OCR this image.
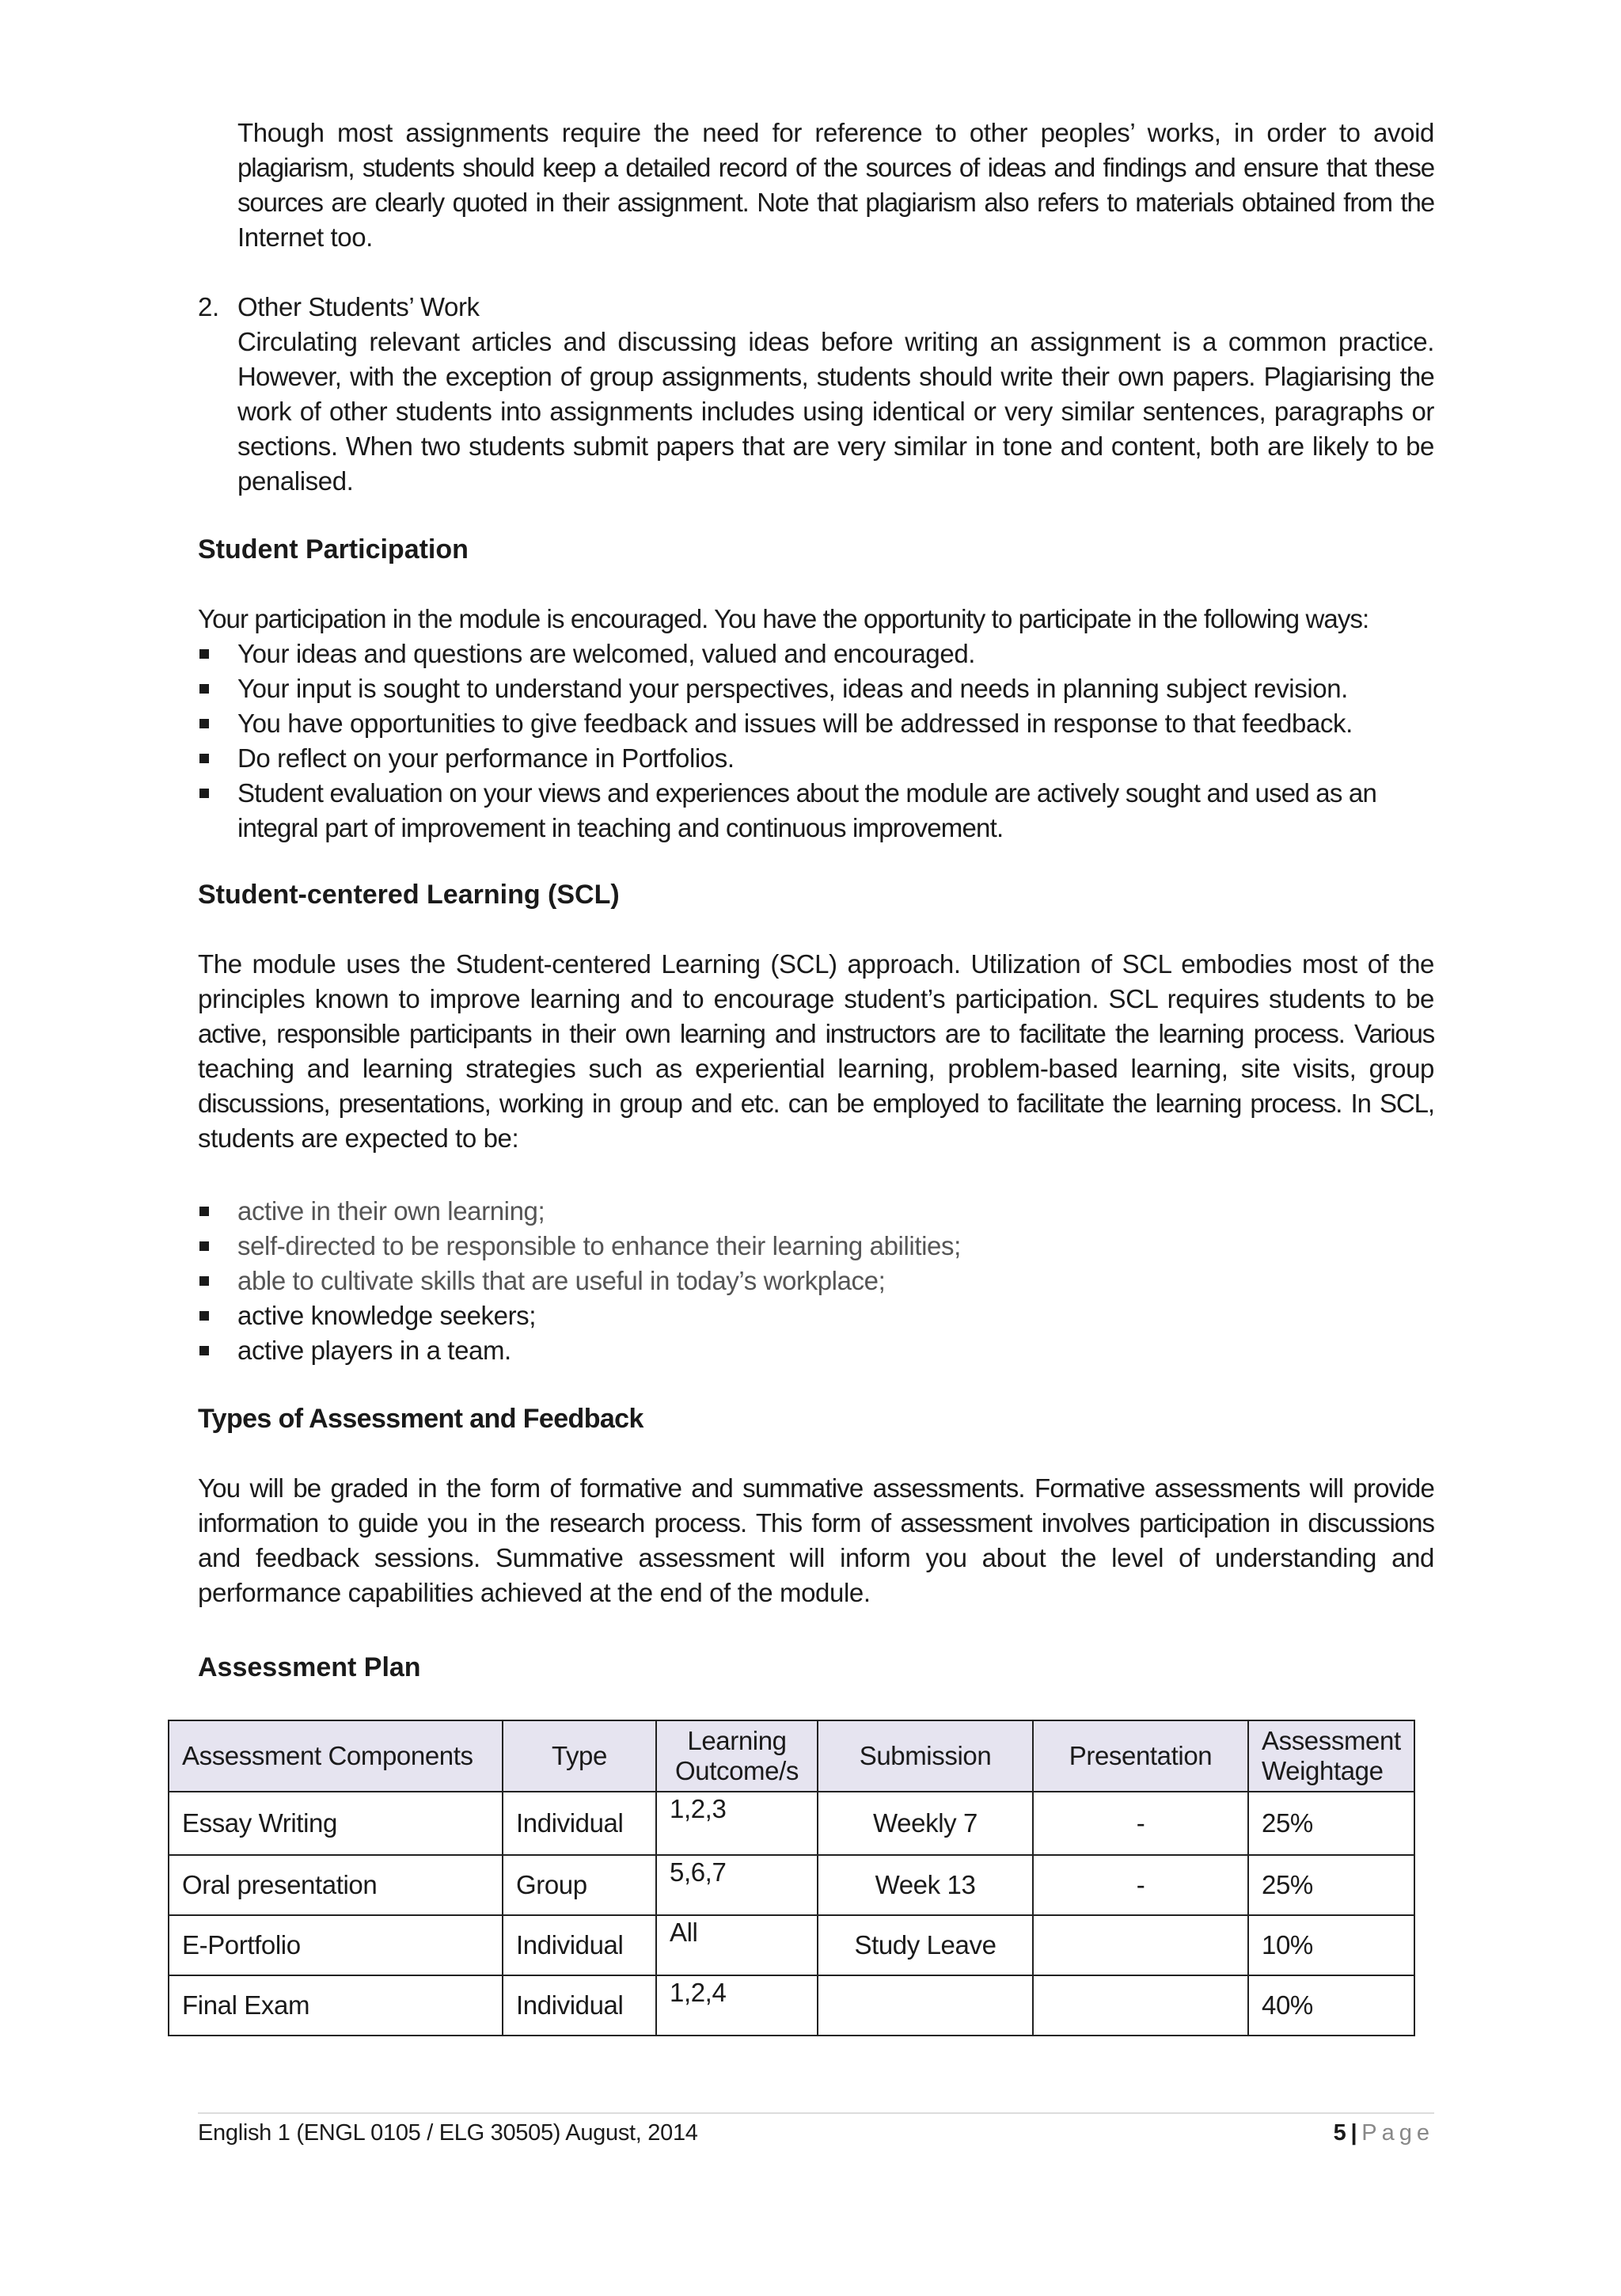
Though most assignments require the need for reference to other peoples’ works, in order to avoid

plagiarism, students should keep a detailed record of the sources of ideas and findings and ensure that these

sources are clearly quoted in their assignment. Note that plagiarism also refers to materials obtained from the

Internet too.

2. Other Students’ Work

Circulating relevant articles and discussing ideas before writing an assignment is a common practice.

However, with the exception of group assignments, students should write their own papers. Plagiarising the

work of other students into assignments includes using identical or very similar sentences, paragraphs or

sections. When two students submit papers that are very similar in tone and content, both are likely to be

penalised.

Student Participation

Your participation in the module is encouraged. You have the opportunity to participate in the following ways:

Your ideas and questions are welcomed, valued and encouraged.
Your input is sought to understand your perspectives, ideas and needs in planning subject revision.
You have opportunities to give feedback and issues will be addressed in response to that feedback.
Do reflect on your performance in Portfolios.
Student evaluation on your views and experiences about the module are actively sought and used as an integral part of improvement in teaching and continuous improvement.
Student-centered Learning (SCL)

The module uses the Student-centered Learning (SCL) approach. Utilization of SCL embodies most of the

principles known to improve learning and to encourage student’s participation. SCL requires students to be

active, responsible participants in their own learning and instructors are to facilitate the learning process. Various

teaching and learning strategies such as experiential learning, problem-based learning, site visits, group

discussions, presentations, working in group and etc. can be employed to facilitate the learning process. In SCL,

students are expected to be:

active in their own learning;
self-directed to be responsible to enhance their learning abilities;
able to cultivate skills that are useful in today’s workplace;
active knowledge seekers;
active players in a team.
Types of Assessment and Feedback

You will be graded in the form of formative and summative assessments. Formative assessments will provide

information to guide you in the research process. This form of assessment involves participation in discussions

and feedback sessions. Summative assessment will inform you about the level of understanding and

performance capabilities achieved at the end of the module.

Assessment Plan
Assessment Components	Type	Learning Outcome/s	Submission	Presentation	Assessment Weightage
Essay Writing	Individual	1,2,3	Weekly 7	-	25%
Oral presentation	Group	5,6,7	Week 13	-	25%
E-Portfolio	Individual	All	Study Leave		10%
Final Exam	Individual	1,2,4			40%
English 1 (ENGL 0105 / ELG 30505) August, 2014	5 | Page
